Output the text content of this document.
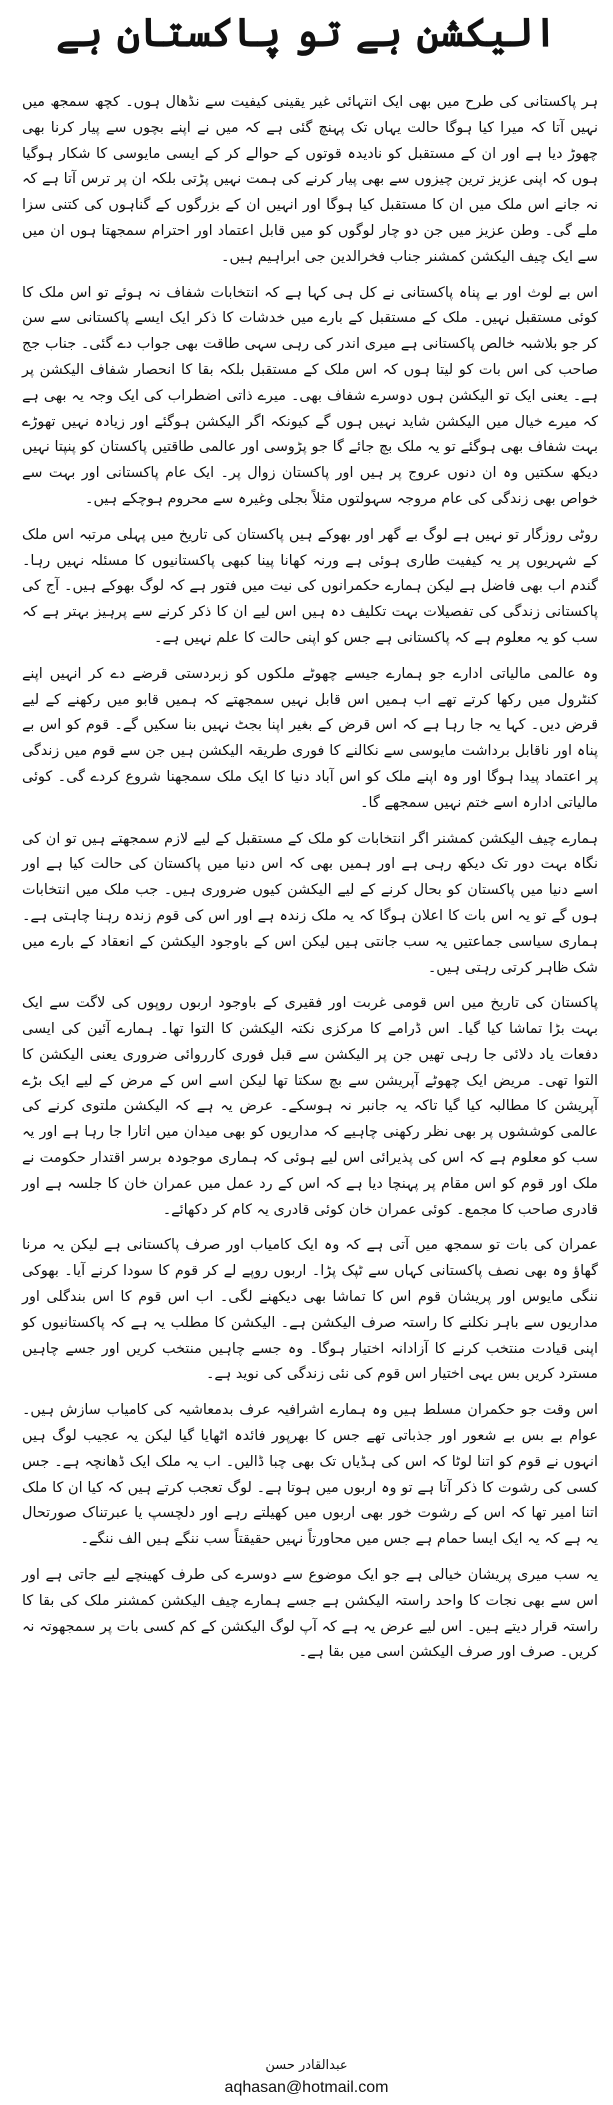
الیکشن ہے تو پاکستان ہے

ہر پاکستانی کی طرح میں بھی ایک انتہائی غیر یقینی کیفیت سے نڈھال ہوں۔ کچھ سمجھ میں نہیں آتا کہ میرا کیا ہوگا حالت یہاں تک پہنچ گئی ہے کہ میں نے اپنے بچوں سے پیار کرنا بھی چھوڑ دیا ہے اور ان کے مستقبل کو نادیدہ قوتوں کے حوالے کر کے ایسی مایوسی کا شکار ہوگیا ہوں کہ اپنی عزیز ترین چیزوں سے بھی پیار کرنے کی ہمت نہیں پڑتی بلکہ ان پر ترس آتا ہے کہ نہ جانے اس ملک میں ان کا مستقبل کیا ہوگا اور انہیں ان کے بزرگوں کے گناہوں کی کتنی سزا ملے گی۔ وطن عزیز میں جن دو چار لوگوں کو میں قابل اعتماد اور احترام سمجھتا ہوں ان میں سے ایک چیف الیکشن کمشنر جناب فخرالدین جی ابراہیم ہیں۔

اس بے لوث اور بے پناہ پاکستانی نے کل ہی کہا ہے کہ انتخابات شفاف نہ ہوئے تو اس ملک کا کوئی مستقبل نہیں۔ ملک کے مستقبل کے بارے میں خدشات کا ذکر ایک ایسے پاکستانی سے سن کر جو بلاشبہ خالص پاکستانی ہے میری اندر کی رہی سہی طاقت بھی جواب دے گئی۔ جناب جج صاحب کی اس بات کو لیتا ہوں کہ اس ملک کے مستقبل بلکہ بقا کا انحصار شفاف الیکشن پر ہے۔ یعنی ایک تو الیکشن ہوں دوسرے شفاف بھی۔ میرے ذاتی اضطراب کی ایک وجہ یہ بھی ہے کہ میرے خیال میں الیکشن شاید نہیں ہوں گے کیونکہ اگر الیکشن ہوگئے اور زیادہ نہیں تھوڑے بہت شفاف بھی ہوگئے تو یہ ملک بچ جائے گا جو پڑوسی اور عالمی طاقتیں پاکستان کو پنپتا نہیں دیکھ سکتیں وہ ان دنوں عروج پر ہیں اور پاکستان زوال پر۔ ایک عام پاکستانی اور بہت سے خواص بھی زندگی کی عام مروجہ سہولتوں مثلاً بجلی وغیرہ سے محروم ہوچکے ہیں۔

روٹی روزگار تو نہیں ہے لوگ بے گھر اور بھوکے ہیں پاکستان کی تاریخ میں پہلی مرتبہ اس ملک کے شہریوں پر یہ کیفیت طاری ہوئی ہے ورنہ کھانا پینا کبھی پاکستانیوں کا مسئلہ نہیں رہا۔ گندم اب بھی فاضل ہے لیکن ہمارے حکمرانوں کی نیت میں فتور ہے کہ لوگ بھوکے ہیں۔ آج کی پاکستانی زندگی کی تفصیلات بہت تکلیف دہ ہیں اس لیے ان کا ذکر کرنے سے پرہیز بہتر ہے کہ سب کو یہ معلوم ہے کہ پاکستانی ہے جس کو اپنی حالت کا علم نہیں ہے۔

وہ عالمی مالیاتی ادارے جو ہمارے جیسے چھوٹے ملکوں کو زبردستی قرضے دے کر انہیں اپنے کنٹرول میں رکھا کرتے تھے اب ہمیں اس قابل نہیں سمجھتے کہ ہمیں قابو میں رکھنے کے لیے قرض دیں۔ کہا یہ جا رہا ہے کہ اس قرض کے بغیر اپنا بجٹ نہیں بنا سکیں گے۔ قوم کو اس بے پناہ اور ناقابل برداشت مایوسی سے نکالنے کا فوری طریقہ الیکشن ہیں جن سے قوم میں زندگی پر اعتماد پیدا ہوگا اور وہ اپنے ملک کو اس آباد دنیا کا ایک ملک سمجھنا شروع کردے گی۔ کوئی مالیاتی ادارہ اسے ختم نہیں سمجھے گا۔

ہمارے چیف الیکشن کمشنر اگر انتخابات کو ملک کے مستقبل کے لیے لازم سمجھتے ہیں تو ان کی نگاہ بہت دور تک دیکھ رہی ہے اور ہمیں بھی کہ اس دنیا میں پاکستان کی حالت کیا ہے اور اسے دنیا میں پاکستان کو بحال کرنے کے لیے الیکشن کیوں ضروری ہیں۔ جب ملک میں انتخابات ہوں گے تو یہ اس بات کا اعلان ہوگا کہ یہ ملک زندہ ہے اور اس کی قوم زندہ رہنا چاہتی ہے۔ ہماری سیاسی جماعتیں یہ سب جانتی ہیں لیکن اس کے باوجود الیکشن کے انعقاد کے بارے میں شک ظاہر کرتی رہتی ہیں۔

پاکستان کی تاریخ میں اس قومی غربت اور فقیری کے باوجود اربوں روپوں کی لاگت سے ایک بہت بڑا تماشا کیا گیا۔ اس ڈرامے کا مرکزی نکتہ الیکشن کا التوا تھا۔ ہمارے آئین کی ایسی دفعات یاد دلائی جا رہی تھیں جن پر الیکشن سے قبل فوری کارروائی ضروری یعنی الیکشن کا التوا تھی۔ مریض ایک چھوٹے آپریشن سے بچ سکتا تھا لیکن اسے اس کے مرض کے لیے ایک بڑے آپریشن کا مطالبہ کیا گیا تاکہ یہ جانبر نہ ہوسکے۔ عرض یہ ہے کہ الیکشن ملتوی کرنے کی عالمی کوششوں پر بھی نظر رکھنی چاہیے کہ مداریوں کو بھی میدان میں اتارا جا رہا ہے اور یہ سب کو معلوم ہے کہ اس کی پذیرائی اس لیے ہوئی کہ ہماری موجودہ برسر اقتدار حکومت نے ملک اور قوم کو اس مقام پر پہنچا دیا ہے کہ اس کے رد عمل میں عمران خان کا جلسہ ہے اور قادری صاحب کا مجمع۔ کوئی عمران خان کوئی قادری یہ کام کر دکھائے۔

عمران کی بات تو سمجھ میں آتی ہے کہ وہ ایک کامیاب اور صرف پاکستانی ہے لیکن یہ مرنا گھاؤ وہ بھی نصف پاکستانی کہاں سے ٹپک پڑا۔ اربوں روپے لے کر قوم کا سودا کرنے آیا۔ بھوکی ننگی مایوس اور پریشان قوم اس کا تماشا بھی دیکھنے لگی۔ اب اس قوم کا اس بندگلی اور مداریوں سے باہر نکلنے کا راستہ صرف الیکشن ہے۔ الیکشن کا مطلب یہ ہے کہ پاکستانیوں کو اپنی قیادت منتخب کرنے کا آزادانہ اختیار ہوگا۔ وہ جسے چاہیں منتخب کریں اور جسے چاہیں مسترد کریں بس یہی اختیار اس قوم کی نئی زندگی کی نوید ہے۔

اس وقت جو حکمران مسلط ہیں وہ ہمارے اشرافیہ عرف بدمعاشیہ کی کامیاب سازش ہیں۔ عوام بے بس بے شعور اور جذباتی تھے جس کا بھرپور فائدہ اٹھایا گیا لیکن یہ عجیب لوگ ہیں انہوں نے قوم کو اتنا لوٹا کہ اس کی ہڈیاں تک بھی چبا ڈالیں۔ اب یہ ملک ایک ڈھانچہ ہے۔ جس کسی کی رشوت کا ذکر آتا ہے تو وہ اربوں میں ہوتا ہے۔ لوگ تعجب کرتے ہیں کہ کیا ان کا ملک اتنا امیر تھا کہ اس کے رشوت خور بھی اربوں میں کھیلتے رہے اور دلچسپ یا عبرتناک صورتحال یہ ہے کہ یہ ایک ایسا حمام ہے جس میں محاورتاً نہیں حقیقتاً سب ننگے ہیں الف ننگے۔

یہ سب میری پریشان خیالی ہے جو ایک موضوع سے دوسرے کی طرف کھینچے لیے جاتی ہے اور اس سے بھی نجات کا واحد راستہ الیکشن ہے جسے ہمارے چیف الیکشن کمشنر ملک کی بقا کا راستہ قرار دیتے ہیں۔ اس لیے عرض یہ ہے کہ آپ لوگ الیکشن کے کم کسی بات پر سمجھوتہ نہ کریں۔ صرف اور صرف الیکشن اسی میں بقا ہے۔

عبدالقادر حسن
aqhasan@hotmail.com
